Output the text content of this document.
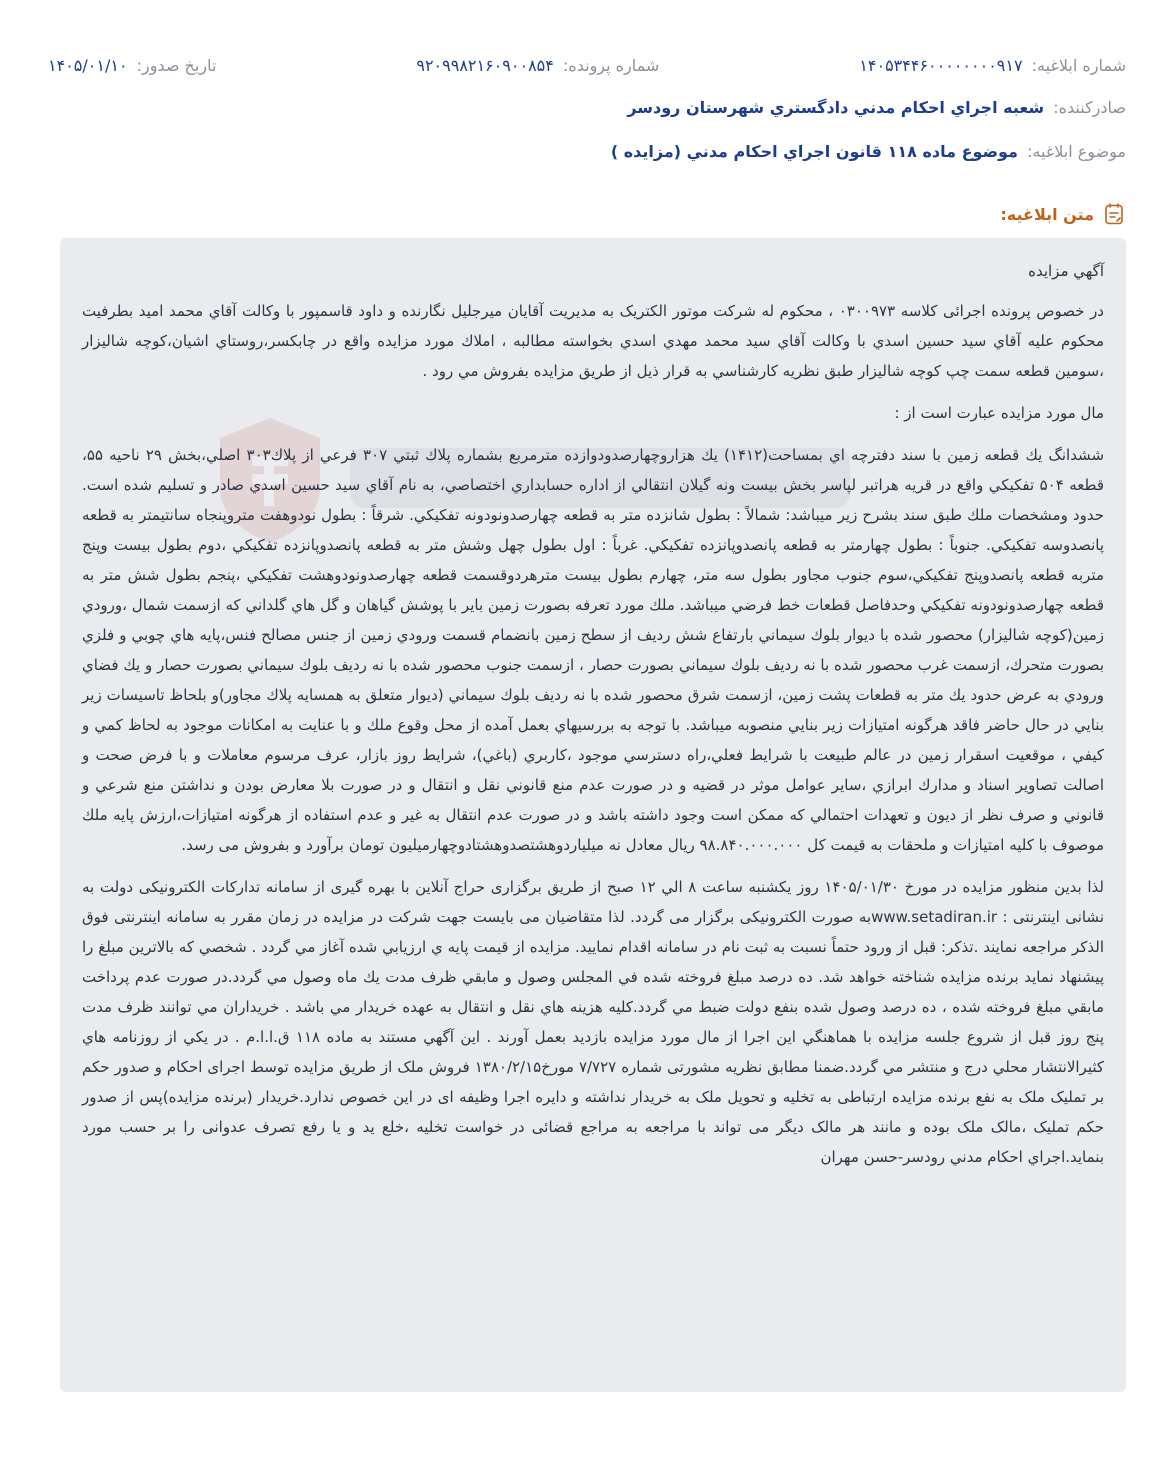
شماره ابلاغيه: ۱۴۰۵۳۴۴۶۰۰۰۰۰۰۰۰۹۱۷
شماره پرونده: ۹۲۰۹۹۸۲۱۶۰۹۰۰۸۵۴
تاریخ صدور: ۱۴۰۵/۰۱/۱۰
صادرکننده: شعبه اجراي احكام مدني دادگستري شهرستان رودسر
موضوع ابلاغیه: موضوع ماده ۱۱۸ قانون اجراي احكام مدني (مزايده )
متن ابلاغیه:

آگهي مزايده

در خصوص پرونده اجرائی کلاسه ۰۳۰۰۹۷۳ ، محکوم له شرکت موتور الکتریک به مدیریت آقایان میرجلیل نگارنده و داود قاسمپور با وكالت آقاي محمد اميد بطرفيت محكوم عليه آقاي سيد حسين اسدي با وكالت آقاي سيد محمد مهدي اسدي بخواسته مطالبه ، املاك مورد مزايده واقع در چابكسر،روستاي اشيان،كوچه شاليزار ،سومين قطعه سمت چپ كوچه شاليزار طبق نظريه كارشناسي به قرار ذيل از طريق مزايده بفروش مي رود .

مال مورد مزايده عبارت است از :

ششدانگ يك قطعه زمين با سند دفترچه اي بمساحت(۱۴۱۲) يك هزاروچهارصدودوازده مترمربع بشماره پلاك ثبتي ۳۰۷ فرعي از پلاك۳۰۳ اصلي،بخش ۲۹ ناحيه ۵۵، قطعه ۵۰۴ تفكيكي واقع در قريه هراتبر لپاسر بخش بيست ونه گيلان انتقالي از اداره حسابداري اختصاصي، به نام آقاي سيد حسين اسدي صادر و تسليم شده است. حدود ومشخصات ملك طبق سند بشرح زير ميباشد: شمالاً : بطول شانزده متر به قطعه چهارصدونودونه تفكيكي. شرقاً : بطول نودوهفت متروپنجاه سانتيمتر به قطعه پانصدوسه تفكيكي. جنوباً : بطول چهارمتر به قطعه پانصدوپانزده تفكيكي. غرباً : اول بطول چهل وشش متر به قطعه پانصدوپانزده تفكيكي ،دوم بطول بيست وپنج متربه قطعه پانصدوپنج تفكيكي،سوم جنوب مجاور بطول سه متر، چهارم بطول بيست مترهردوقسمت قطعه چهارصدونودوهشت تفكيكي ،پنجم بطول شش متر به قطعه چهارصدونودونه تفكيكي وحدفاصل قطعات خط فرضي ميباشد. ملك مورد تعرفه بصورت زمين باير با پوشش گياهان و گل هاي گلداني كه ازسمت شمال ،ورودي زمين(كوچه شاليزار) محصور شده با ديوار بلوك سيماني بارتفاع شش رديف از سطح زمين بانضمام قسمت ورودي زمين از جنس مصالح فنس،پايه هاي چوبي و فلزي بصورت متحرك، ازسمت غرب محصور شده با نه رديف بلوك سيماني بصورت حصار ، ازسمت جنوب محصور شده با نه رديف بلوك سيماني بصورت حصار و يك فضاي ورودي به عرض حدود يك متر به قطعات پشت زمين، ازسمت شرق محصور شده با نه رديف بلوك سيماني (ديوار متعلق به همسايه پلاك مجاور)و بلحاظ تاسيسات زير بنايي در حال حاضر فاقد هرگونه امتيازات زير بنايي منصوبه ميباشد. با توجه به بررسيهاي بعمل آمده از محل وقوع ملك و با عنايت به امكانات موجود به لحاظ كمي و كيفي ، موقعيت اسقرار زمين در عالم طبيعت با شرايط فعلي،راه دسترسي موجود ،كاربري (باغي)، شرايط روز بازار، عرف مرسوم معاملات و با فرض صحت و اصالت تصاوير اسناد و مدارك ابرازي ،ساير عوامل موثر در قضيه و در صورت عدم منع قانوني نقل و انتقال و در صورت بلا معارض بودن و نداشتن منع شرعي و قانوني و صرف نظر از ديون و تعهدات احتمالي كه ممكن است وجود داشته باشد و در صورت عدم انتقال به غير و عدم استفاده از هرگونه امتيازات،ارزش پايه ملك موصوف با كليه امتيازات و ملحقات به قيمت كل ۹۸.۸۴۰.۰۰۰.۰۰۰ ريال معادل نه ميلياردوهشتصدوهشتادوچهارميليون تومان برآورد و بفروش می رسد.

لذا بدین منظور مزایده در مورخ ۱۴۰۵/۰۱/۳۰ روز یکشنبه ساعت ۸ الي ۱۲ صبح از طریق برگزاری حراج آنلاین با بهره گیری از سامانه تدارکات الکترونیکی دولت به نشانی اینترنتی : www.setadiran.irبه صورت الکترونیکی برگزار می گردد. لذا متقاضیان می بایست جهت شرکت در مزایده در زمان مقرر به سامانه اینترنتی فوق الذکر مراجعه نمایند .تذکر: قبل از ورود حتماً نسبت به ثبت نام در سامانه اقدام نمایید. مزايده از قيمت پايه ي ارزيابي شده آغاز مي گردد . شخصي كه بالاترين مبلغ را پيشنهاد نمايد برنده مزايده شناخته خواهد شد. ده درصد مبلغ فروخته شده في المجلس وصول و مابقي ظرف مدت يك ماه وصول مي گردد.در صورت عدم پرداخت مابقي مبلغ فروخته شده ، ده درصد وصول شده بنفع دولت ضبط مي گردد.كليه هزينه هاي نقل و انتقال به عهده خريدار مي باشد . خريداران مي توانند ظرف مدت پنج روز قبل از شروع جلسه مزايده با هماهنگي اين اجرا از مال مورد مزايده بازديد بعمل آورند . اين آگهي مستند به ماده ۱۱۸ ق.ا.ا.م . در يكي از روزنامه هاي كثيرالانتشار محلي درج و منتشر مي گردد.ضمنا مطابق نظریه مشورتی شماره ۷/۷۲۷ مورخ۱۳۸۰/۲/۱۵ فروش ملک از طریق مزایده توسط اجرای احکام و صدور حکم بر تملیک ملک به نفع برنده مزایده ارتباطی به تخلیه و تحویل ملک به خریدار نداشته و دایره اجرا وظیفه ای در این خصوص ندارد.خریدار (برنده مزایده)پس از صدور حکم تملیک ،مالک ملک بوده و مانند هر مالک دیگر می تواند با مراجعه به مراجع قضائی در خواست تخلیه ،خلع ید و یا رفع تصرف عدوانی را بر حسب مورد بنماید.اجراي احكام مدني رودسر-حسن مهران
